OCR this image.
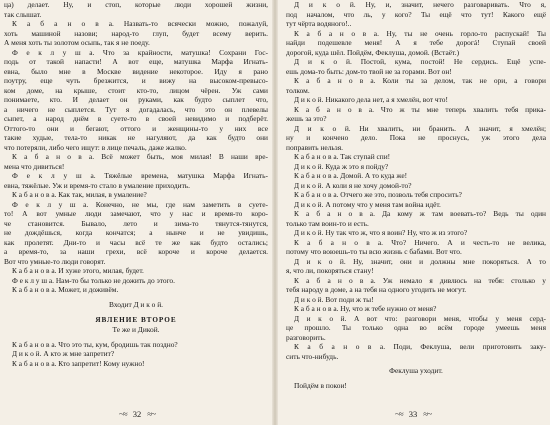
ца) делает. Ну, и стоп, которые люди хорошей жизни,
так слышат.
К а б а н о в а. Назвать-то всячески можно, пожалуй,
хоть машиной назови; народ-то глуп, будет всему верить.
А меня хоть ты золотом осыпь, так я не поеду.
Ф е к л у ш а. Что за крайности, матушка! Сохрани Гос-
подь от такой напасти! А вот еще, матушка Марфа Игнать-
евна, было мне в Москве видение некоторое. Иду я рано
поутру, еще чуть брезжится, и вижу на высоком-превысо-
ком доме, на крыше, стоит кто-то, лицом чёрен. Уж сами
понимаете, кто. И делает он руками, как будто сыплет что,
а ничего не сыплется. Тут я догадалась, что это он плевелы
сыпет, а народ днём в суете-то в своей невидимо и подберёт.
Оттого-то они и бегают, оттого и женщины-то у них все
такие худые, тела-то никак не нагуляют, да как будто они
что потеряли, либо чего ищут: в лице печаль, даже жалко.
К а б а н о в а. Всё может быть, моя милая! В наши вре-
мена что дивиться!
Ф е к л у ш а. Тяжёлые времена, матушка Марфа Игнать-
евна, тяжёлые. Уж и время-то стало в умаление приходить.
К а б а н о в а. Как так, милая, в умаление?
Ф е к л у ш а. Конечно, не мы, где нам заметить в суете-
то! А вот умные люди замечают, что у нас и время-то коро-
че становится. Бывало, лето и зима-то тянутся-тянутся,
не дождёшься, когда кончатся; а нынче и не увидишь,
как пролетят. Дни-то и часы всё те же как будто остались;
а время-то, за наши грехи, всё короче и короче делается.
Вот что умные-то люди говорят.
К а б а н о в а. И хуже этого, милая, будет.
Ф е к л у ш а. Нам-то бы только не дожить до этого.
К а б а н о в а. Может, и доживём.
Входит Д и к о й.
ЯВЛЕНИЕ ВТОРОЕ
Те же и Дикой.
К а б а н о в а. Что это ты, кум, бродишь так поздно?
Д и к о й. А кто ж мне запретит?
К а б а н о в а. Кто запретит! Кому нужно!
~≈ 32 ≈~
Д и к о й. Ну, и, значит, нечего разговаривать. Что я,
под началом, что ль, у кого? Ты ещё что тут! Какого ещё
тут чёрта водяного!..
К а б а н о в а. Ну, ты не очень горло-то распускай! Ты
найди подешевле меня! А я тебе дорогá! Ступай своей
дорогой, куда шёл. Пойдём, Феклуша, домой. (Встаёт.)
Д и к о й. Постой, кума, постой! Не сердись. Ещё успе-
ешь дома-то быть: дом-то твой не за горами. Вот он!
К а б а н о в а. Коли ты за делом, так не ори, а говори
толком.
Д и к о й. Никакого дела нет, а я хмелён, вот что!
К а б а н о в а. Что ж ты мне теперь хвалить тебя прика-
жешь за это?
Д и к о й. Ни хвалить, ни бранить. А значит, я хмелён;
ну и кончено дело. Пока не проснусь, уж этого дела
поправить нельзя.
К а б а н о в а. Так ступай спи!
Д и к о й. Куда ж это я пойду?
К а б а н о в а. Домой. А то куда же!
Д и к о й. А коли я не хочу домой-то?
К а б а н о в а. Отчего же это, позволь тебя спросить?
Д и к о й. А потому что у меня там война идёт.
К а б а н о в а. Да кому ж там воевать-то? Ведь ты один
только там воин-то и есть.
Д и к о й. Ну так что ж, что я воин? Ну, что ж из этого?
К а б а н о в а. Что? Ничего. А и честь-то не велика,
потому что воюешь-то ты всю жизнь с бабами. Вот что.
Д и к о й. Ну, значит, они и должны мне покоряться. А то
я, что ли, покоряться стану!
К а б а н о в а. Уж немало я дивлюсь на тебя: столько у
тебя народу в доме, а на тебя на одного угодить не могут.
Д и к о й. Вот поди ж ты!
К а б а н о в а. Ну, что ж тебе нужно от меня?
Д и к о й. А вот что: разговори меня, чтобы у меня серд-
це прошло. Ты только одна во всём городе умеешь меня
разговорить.
К а б а н о в а. Поди, Феклуша, вели приготовить заку-
сить что-нибудь.
Феклуша уходит.
Пойдём в покои!
~≈ 33 ≈~
